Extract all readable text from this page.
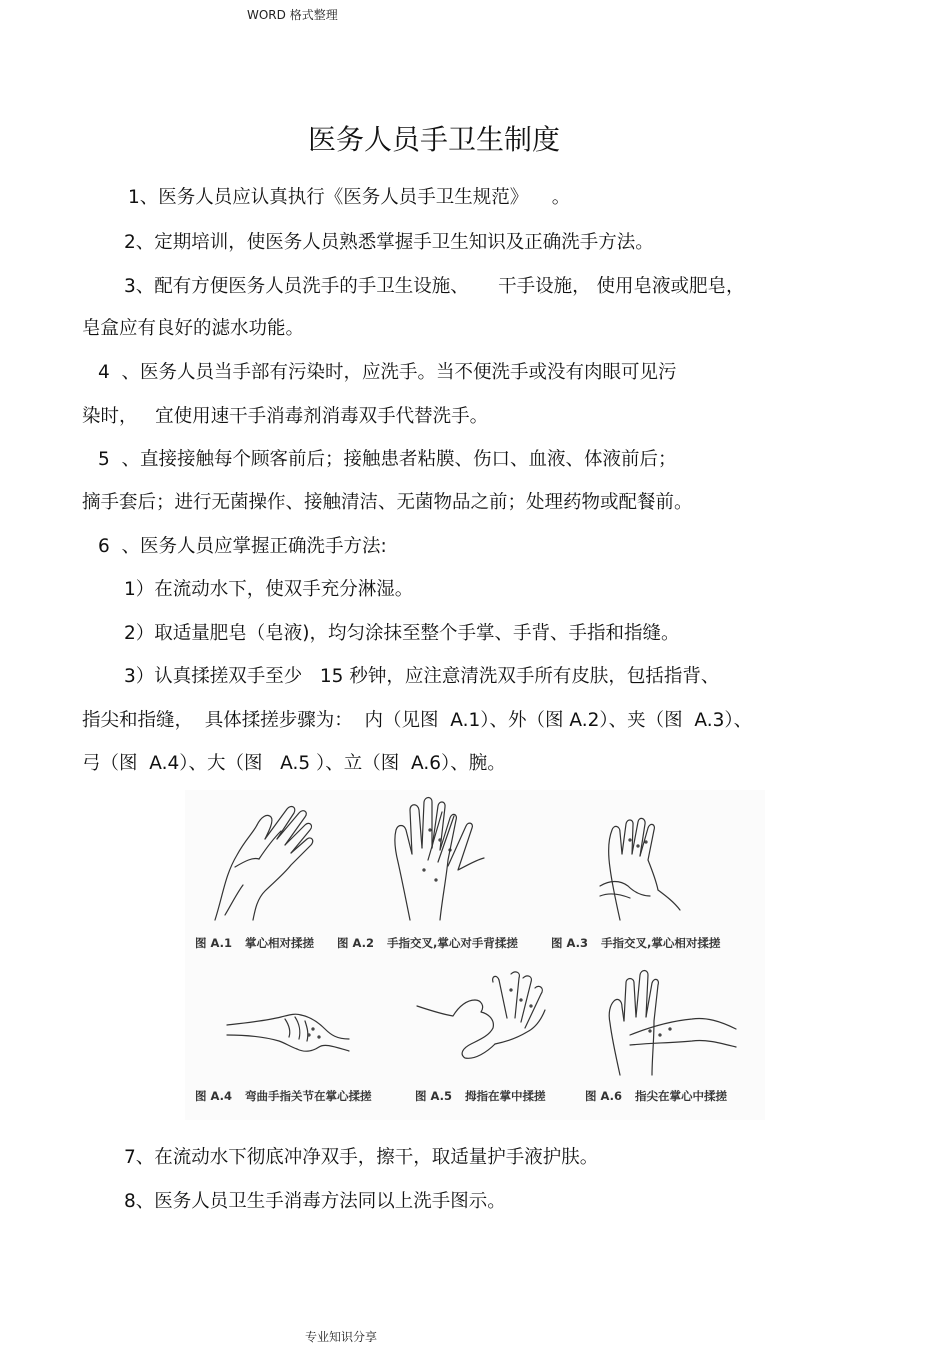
WORD 格式整理
医务人员手卫生制度
1、医务人员应认真执行《医务人员手卫生规范》    。
2、定期培训，使医务人员熟悉掌握手卫生知识及正确洗手方法。
3、配有方便医务人员洗手的手卫生设施、     干手设施， 使用皂液或肥皂，
皂盒应有良好的滤水功能。
4  、医务人员当手部有污染时，应洗手。当不便洗手或没有肉眼可见污
染时，   宜使用速干手消毒剂消毒双手代替洗手。
5  、直接接触每个顾客前后；接触患者粘膜、伤口、血液、体液前后；
摘手套后；进行无菌操作、接触清洁、无菌物品之前；处理药物或配餐前。
6  、医务人员应掌握正确洗手方法:
1）在流动水下，使双手充分淋湿。
2）取适量肥皂（皂液)，均匀涂抹至整个手掌、手背、手指和指缝。
3）认真揉搓双手至少   15 秒钟，应注意清洗双手所有皮肤，包括指背、
指尖和指缝，  具体揉搓步骤为：  内（见图  A.1）、外（图 A.2）、夹（图  A.3）、
弓（图  A.4）、大（图   A.5 ）、立（图  A.6）、腕。
图 A.1 掌心相对揉搓 图 A.2 手指交叉,掌心对手背揉搓	图 A.3 手指交叉,掌心相对揉搓
图 A.4 弯曲手指关节在掌心揉搓	图 A.5 拇指在掌中揉搓	图 A.6 指尖在掌心中揉搓
7、在流动水下彻底冲净双手，擦干，取适量护手液护肤。
8、医务人员卫生手消毒方法同以上洗手图示。
专业知识分享
